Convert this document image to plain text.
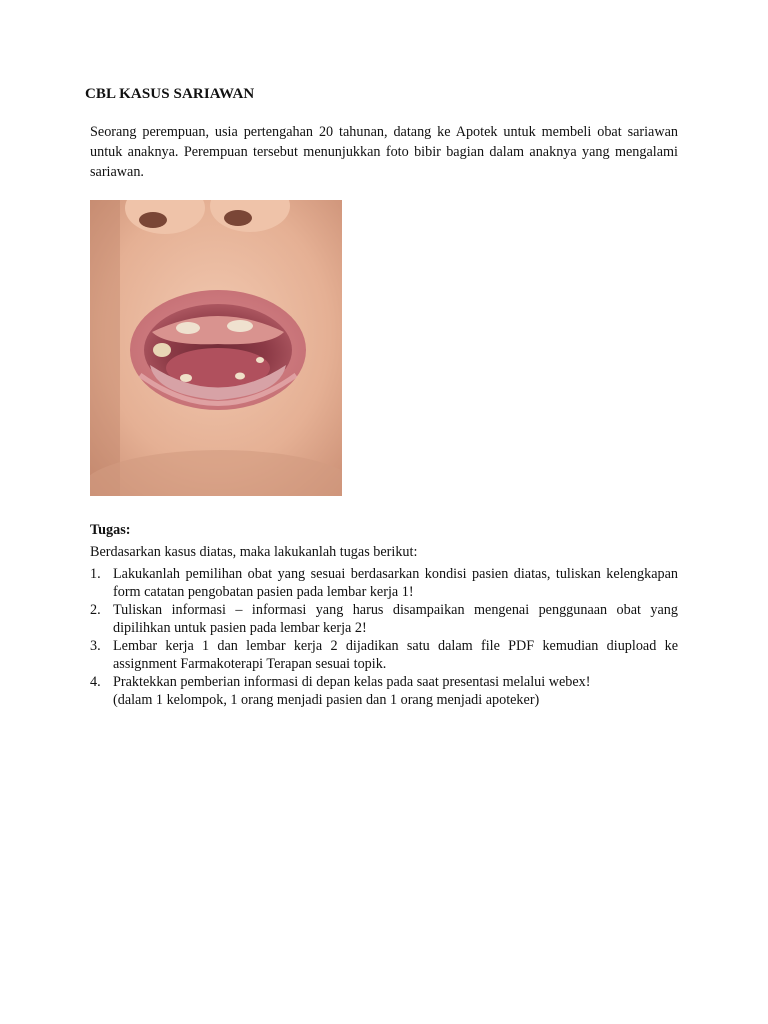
CBL KASUS SARIAWAN

Seorang perempuan, usia pertengahan 20 tahunan, datang ke Apotek untuk membeli obat sariawan untuk anaknya. Perempuan tersebut menunjukkan foto bibir bagian dalam anaknya yang mengalami sariawan.

Tugas:

Berdasarkan kasus diatas, maka lakukanlah tugas berikut:

1. Lakukanlah pemilihan obat yang sesuai berdasarkan kondisi pasien diatas, tuliskan kelengkapan form catatan pengobatan pasien pada lembar kerja 1!
2. Tuliskan informasi – informasi yang harus disampaikan mengenai penggunaan obat yang dipilihkan untuk pasien pada lembar kerja 2!
3. Lembar kerja 1 dan lembar kerja 2 dijadikan satu dalam file PDF kemudian diupload ke assignment Farmakoterapi Terapan sesuai topik.
4. Praktekkan pemberian informasi di depan kelas pada saat presentasi melalui webex!
(dalam 1 kelompok, 1 orang menjadi pasien dan 1 orang menjadi apoteker)
